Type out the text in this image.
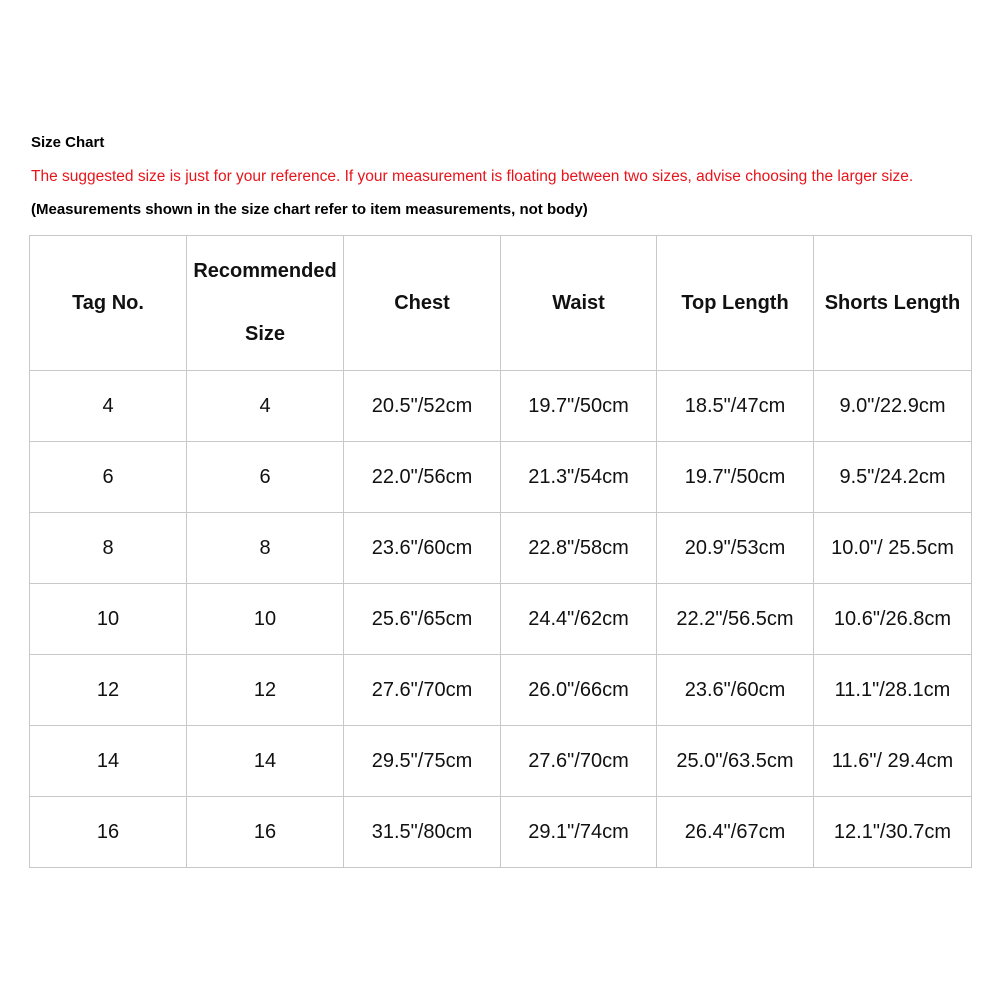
Size Chart
The suggested size is just for your reference. If your measurement is floating between two sizes, advise choosing the larger size.
(Measurements shown in the size chart refer to item measurements, not body)
Tag No.	Recommended Size	Chest	Waist	Top Length	Shorts Length
4	4	20.5"/52cm	19.7"/50cm	18.5"/47cm	9.0"/22.9cm
6	6	22.0"/56cm	21.3"/54cm	19.7"/50cm	9.5"/24.2cm
8	8	23.6"/60cm	22.8"/58cm	20.9"/53cm	10.0"/ 25.5cm
10	10	25.6"/65cm	24.4"/62cm	22.2"/56.5cm	10.6"/26.8cm
12	12	27.6"/70cm	26.0"/66cm	23.6"/60cm	11.1"/28.1cm
14	14	29.5"/75cm	27.6"/70cm	25.0"/63.5cm	11.6"/ 29.4cm
16	16	31.5"/80cm	29.1"/74cm	26.4"/67cm	12.1"/30.7cm
